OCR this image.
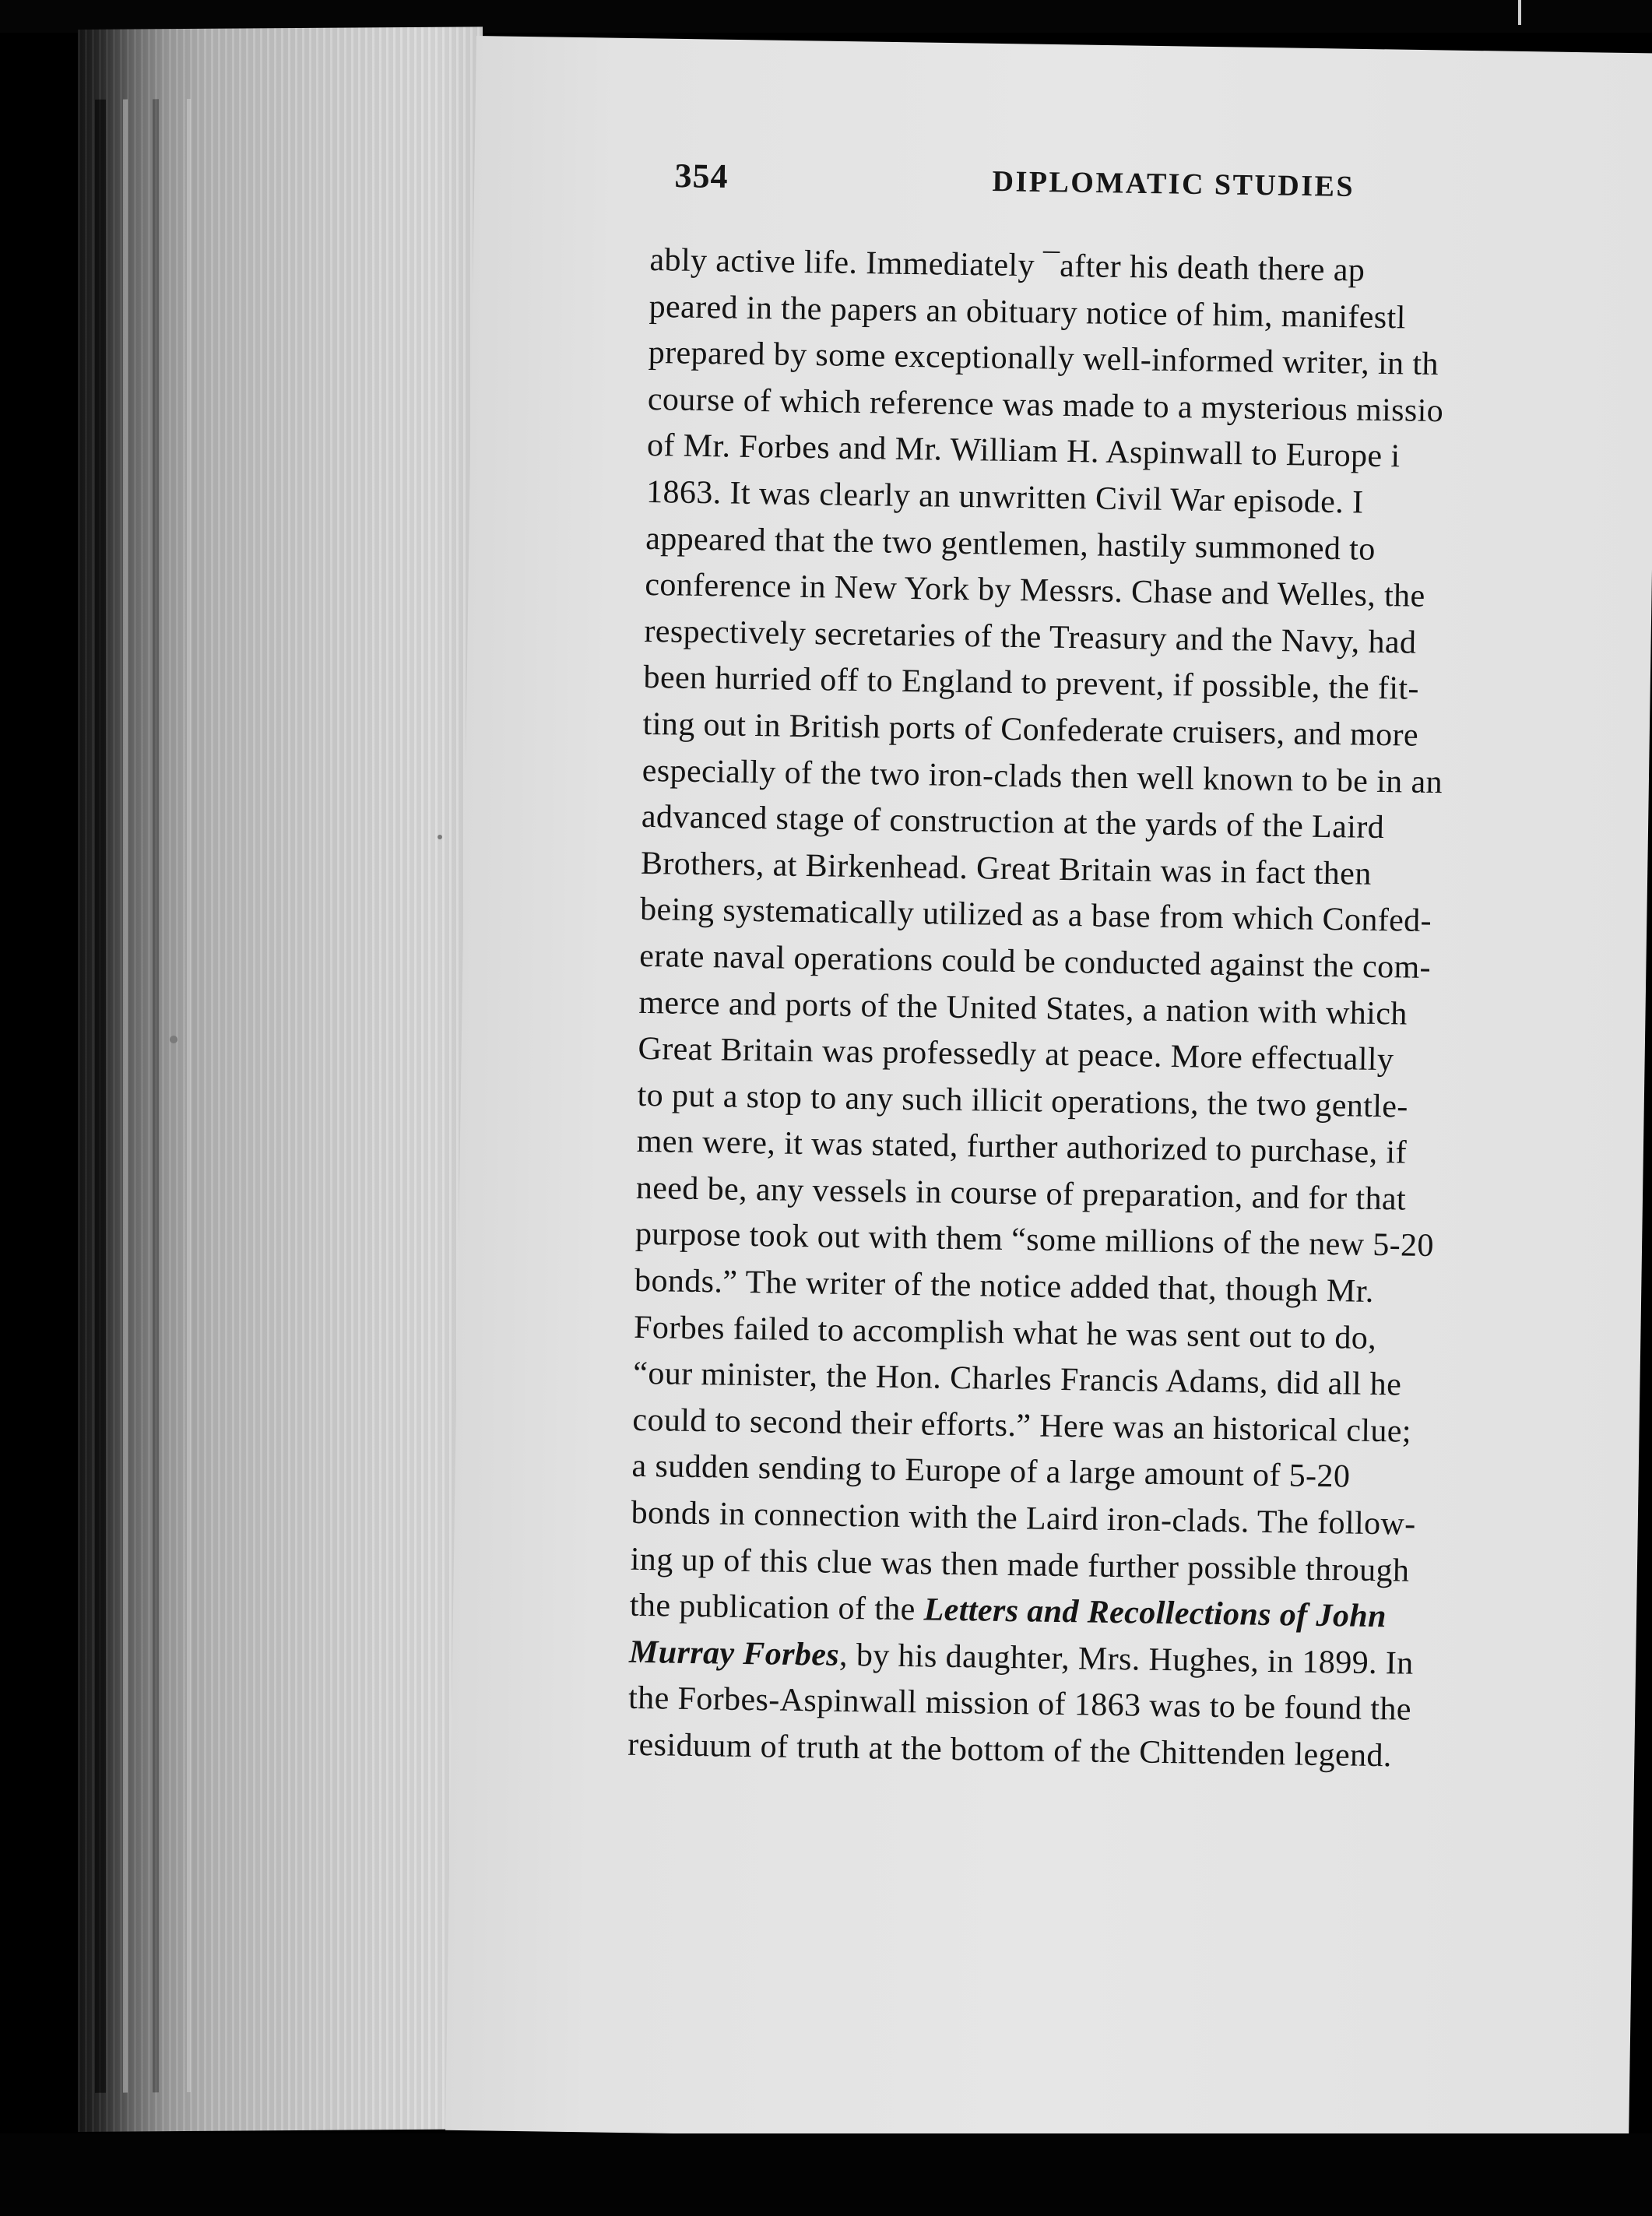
354	DIPLOMATIC STUDIES
ably active life. Immediately ¯after his death there ap
peared in the papers an obituary notice of him, manifestl
prepared by some exceptionally well-informed writer, in th
course of which reference was made to a mysterious missio
of Mr. Forbes and Mr. William H. Aspinwall to Europe i
1863. It was clearly an unwritten Civil War episode. I
appeared that the two gentlemen, hastily summoned to
conference in New York by Messrs. Chase and Welles, the
respectively secretaries of the Treasury and the Navy, had
been hurried off to England to prevent, if possible, the fit-
ting out in British ports of Confederate cruisers, and more
especially of the two iron-clads then well known to be in an
advanced stage of construction at the yards of the Laird
Brothers, at Birkenhead. Great Britain was in fact then
being systematically utilized as a base from which Confed-
erate naval operations could be conducted against the com-
merce and ports of the United States, a nation with which
Great Britain was professedly at peace. More effectually
to put a stop to any such illicit operations, the two gentle-
men were, it was stated, further authorized to purchase, if
need be, any vessels in course of preparation, and for that
purpose took out with them “some millions of the new 5-20
bonds.” The writer of the notice added that, though Mr.
Forbes failed to accomplish what he was sent out to do,
“our minister, the Hon. Charles Francis Adams, did all he
could to second their efforts.” Here was an historical clue;
a sudden sending to Europe of a large amount of 5-20
bonds in connection with the Laird iron-clads. The follow-
ing up of this clue was then made further possible through
the publication of the Letters and Recollections of John
Murray Forbes, by his daughter, Mrs. Hughes, in 1899. In
the Forbes-Aspinwall mission of 1863 was to be found the
residuum of truth at the bottom of the Chittenden legend.
